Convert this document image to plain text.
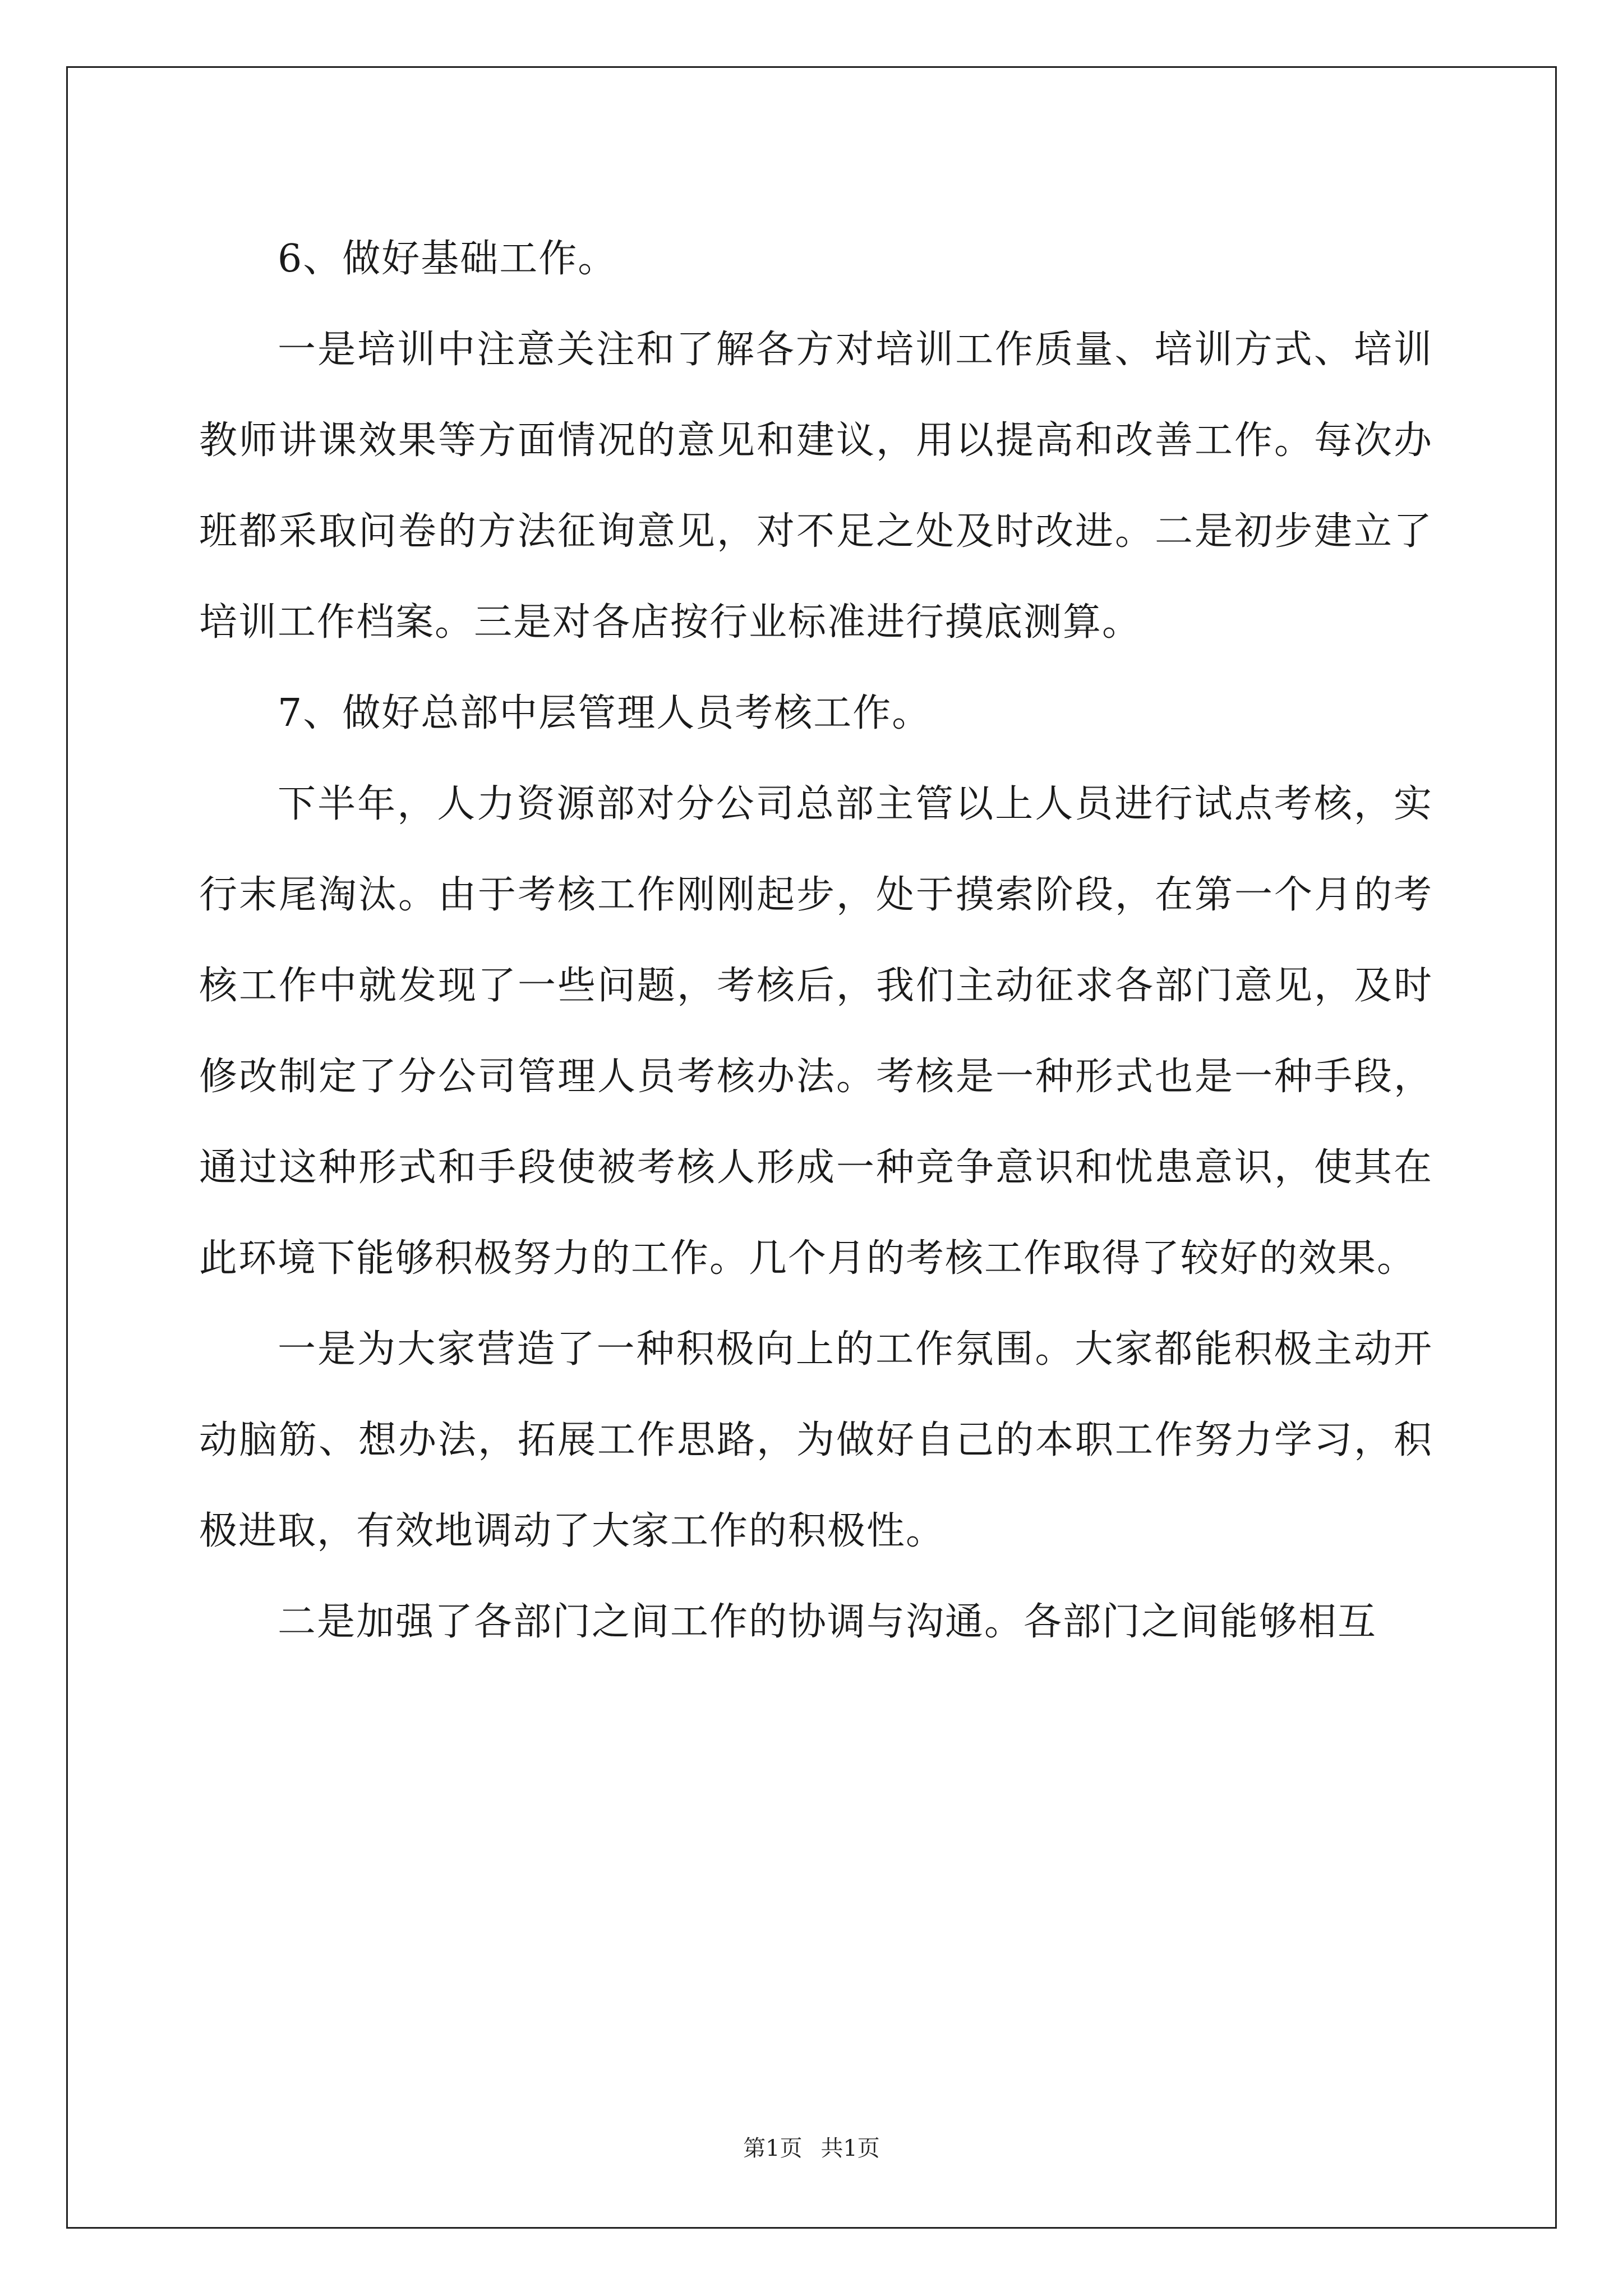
6、做好基础工作。

一是培训中注意关注和了解各方对培训工作质量、培训方式、培训教师讲课效果等方面情况的意见和建议，用以提高和改善工作。每次办班都采取问卷的方法征询意见，对不足之处及时改进。二是初步建立了培训工作档案。三是对各店按行业标准进行摸底测算。

7、做好总部中层管理人员考核工作。

下半年，人力资源部对分公司总部主管以上人员进行试点考核，实行末尾淘汰。由于考核工作刚刚起步，处于摸索阶段，在第一个月的考核工作中就发现了一些问题，考核后，我们主动征求各部门意见，及时修改制定了分公司管理人员考核办法。考核是一种形式也是一种手段，通过这种形式和手段使被考核人形成一种竞争意识和忧患意识，使其在此环境下能够积极努力的工作。几个月的考核工作取得了较好的效果。

一是为大家营造了一种积极向上的工作氛围。大家都能积极主动开动脑筋、想办法，拓展工作思路，为做好自己的本职工作努力学习，积极进取，有效地调动了大家工作的积极性。

二是加强了各部门之间工作的协调与沟通。各部门之间能够相互

第1页 共1页
